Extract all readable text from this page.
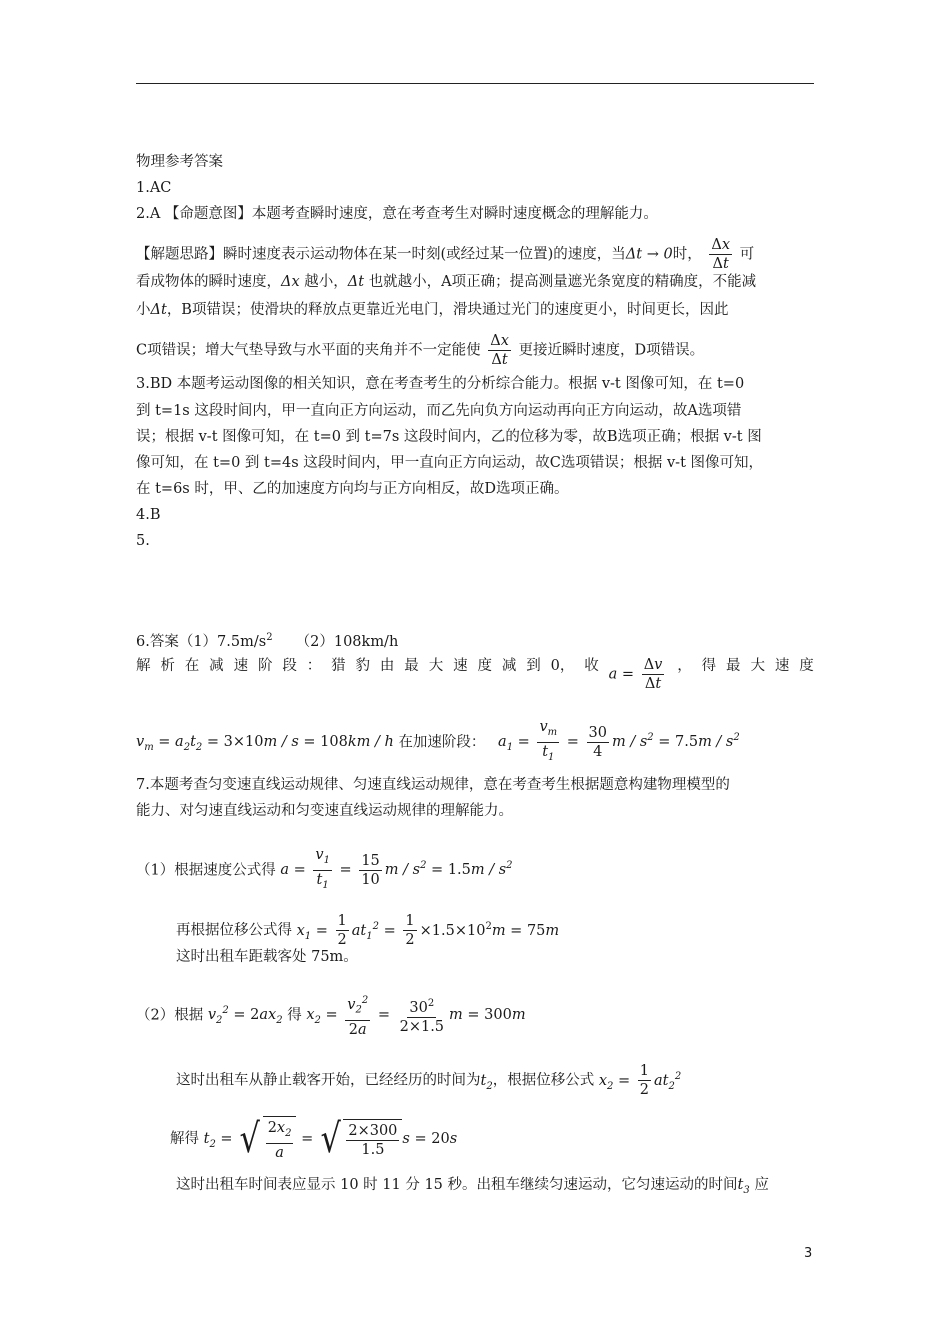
物理参考答案
1.AC
2.A 【命题意图】本题考查瞬时速度，意在考查考生对瞬时速度概念的理解能力。
【解题思路】瞬时速度表示运动物体在某一时刻(或经过某一位置)的速度，当Δt → 0时， $\frac{\Delta x}{\Delta t}$ 可
看成物体的瞬时速度，Δx 越小，Δt 也就越小，A项正确；提高测量遮光条宽度的精确度，不能减
小Δt，B项错误；使滑块的释放点更靠近光电门，滑块通过光门的速度更小，时间更长，因此
C项错误；增大气垫导致与水平面的夹角并不一定能使 $\frac{\Delta x}{\Delta t}$ 更接近瞬时速度，D项错误。
3.BD 本题考运动图像的相关知识，意在考查考生的分析综合能力。根据 v-t 图像可知，在 t=0
到 t=1s 这段时间内，甲一直向正方向运动，而乙先向负方向运动再向正方向运动，故A选项错
误；根据 v-t 图像可知，在 t=0 到 t=7s 这段时间内，乙的位移为零，故B选项正确；根据 v-t 图
像可知，在 t=0 到 t=4s 这段时间内，甲一直向正方向运动，故C选项错误；根据 v-t 图像可知，
在 t=6s 时，甲、乙的加速度方向均与正方向相反，故D选项正确。
4.B
5.
6.答案$(1)7.5m/s^2$ （2）108km/h
解 析 在 减 速 阶 段 ： 猎 豹 由 最 大 速 度 减 到 0， 收
$a = \frac{\Delta v}{\Delta t}$ ， 得 最 大 速 度
$v_m = a_2t_2 = 3\times 10m / s = 108km / h$ 在加速阶段： $a_1 = \frac{v_m}{t_1} = \frac{30}{4}$ $m / s^2 = 7.5m / s^2$
7.本题考查匀变速直线运动规律、匀速直线运动规律，意在考查考生根据题意构建物理模型的
能力、对匀速直线运动和匀变速直线运动规律的理解能力。
（1）根据速度公式得 $a = \frac{v_1}{t_1} = \frac{15}{10}$ $m / s^2 = 1.5m / s^2$
再根据位移公式得 $x_1 = \frac{1}{2} at_1^2 = \frac{1}{2} \times 1.5\times 10^2m = 75m$
这时出租车距载客处 75m。
（2）根据 $v_2^2 = 2ax_2$ 得 $x_2 = \frac{v_2^2}{2a} = \frac{30^2}{2\times 1.5}$ m = 300m
这时出租车从静止载客开始，已经经历的时间为$t_2$，根据位移公式 $x_2 = \frac{1}{2} at_2^2$
解得 $t_2$ = √ $\frac{2x_2}{a}$ = √ $\frac{2\times 300}{1.5}$ s = 20s
这时出租车时间表应显示 10 时 11 分 15 秒。出租车继续匀速运动，它匀速运动的时间$t_3$ 应
3
